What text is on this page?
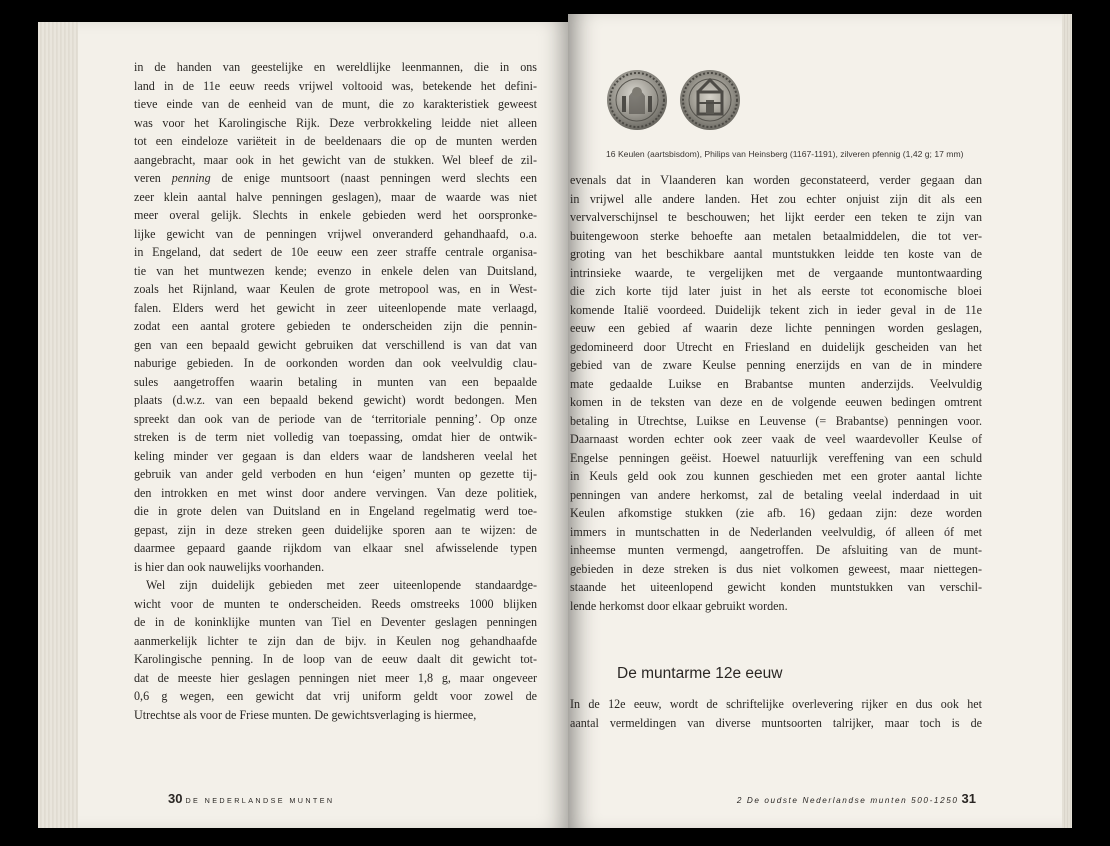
in de handen van geestelijke en wereldlijke leenmannen, die in ons
land in de 11e eeuw reeds vrijwel voltooid was, betekende het defini-
tieve einde van de eenheid van de munt, die zo karakteristiek geweest
was voor het Karolingische Rijk. Deze verbrokkeling leidde niet alleen
tot een eindeloze variëteit in de beeldenaars die op de munten werden
aangebracht, maar ook in het gewicht van de stukken. Wel bleef de zil-
veren penning de enige muntsoort (naast penningen werd slechts een
zeer klein aantal halve penningen geslagen), maar de waarde was niet
meer overal gelijk. Slechts in enkele gebieden werd het oorspronke-
lijke gewicht van de penningen vrijwel onveranderd gehandhaafd, o.a.
in Engeland, dat sedert de 10e eeuw een zeer straffe centrale organisa-
tie van het muntwezen kende; evenzo in enkele delen van Duitsland,
zoals het Rijnland, waar Keulen de grote metropool was, en in West-
falen. Elders werd het gewicht in zeer uiteenlopende mate verlaagd,
zodat een aantal grotere gebieden te onderscheiden zijn die pennin-
gen van een bepaald gewicht gebruiken dat verschillend is van dat van
naburige gebieden. In de oorkonden worden dan ook veelvuldig clau-
sules aangetroffen waarin betaling in munten van een bepaalde
plaats (d.w.z. van een bepaald bekend gewicht) wordt bedongen. Men
spreekt dan ook van de periode van de ‘territoriale penning’. Op onze
streken is de term niet volledig van toepassing, omdat hier de ontwik-
keling minder ver gegaan is dan elders waar de landsheren veelal het
gebruik van ander geld verboden en hun ‘eigen’ munten op gezette tij-
den introkken en met winst door andere vervingen. Van deze politiek,
die in grote delen van Duitsland en in Engeland regelmatig werd toe-
gepast, zijn in deze streken geen duidelijke sporen aan te wijzen: de
daarmee gepaard gaande rijkdom van elkaar snel afwisselende typen
is hier dan ook nauwelijks voorhanden.
Wel zijn duidelijk gebieden met zeer uiteenlopende standaardge-
wicht voor de munten te onderscheiden. Reeds omstreeks 1000 blijken
de in de koninklijke munten van Tiel en Deventer geslagen penningen
aanmerkelijk lichter te zijn dan de bijv. in Keulen nog gehandhaafde
Karolingische penning. In de loop van de eeuw daalt dit gewicht tot-
dat de meeste hier geslagen penningen niet meer 1,8 g, maar ongeveer
0,6 g wegen, een gewicht dat vrij uniform geldt voor zowel de
Utrechtse als voor de Friese munten. De gewichtsverlaging is hiermee,
16 Keulen (aartsbisdom), Philips van Heinsberg (1167-1191), zilveren pfennig (1,42 g; 17 mm)
evenals dat in Vlaanderen kan worden geconstateerd, verder gegaan dan
in vrijwel alle andere landen. Het zou echter onjuist zijn dit als een
vervalverschijnsel te beschouwen; het lijkt eerder een teken te zijn van
buitengewoon sterke behoefte aan metalen betaalmiddelen, die tot ver-
groting van het beschikbare aantal muntstukken leidde ten koste van de
intrinsieke waarde, te vergelijken met de vergaande muntontwaarding
die zich korte tijd later juist in het als eerste tot economische bloei
komende Italië voordeed. Duidelijk tekent zich in ieder geval in de 11e
eeuw een gebied af waarin deze lichte penningen worden geslagen,
gedomineerd door Utrecht en Friesland en duidelijk gescheiden van het
gebied van de zware Keulse penning enerzijds en van de in mindere
mate gedaalde Luikse en Brabantse munten anderzijds. Veelvuldig
komen in de teksten van deze en de volgende eeuwen bedingen omtrent
betaling in Utrechtse, Luikse en Leuvense (= Brabantse) penningen voor.
Daarnaast worden echter ook zeer vaak de veel waardevoller Keulse of
Engelse penningen geëist. Hoewel natuurlijk vereffening van een schuld
in Keuls geld ook zou kunnen geschieden met een groter aantal lichte
penningen van andere herkomst, zal de betaling veelal inderdaad in uit
Keulen afkomstige stukken (zie afb. 16) gedaan zijn: deze worden
immers in muntschatten in de Nederlanden veelvuldig, óf alleen óf met
inheemse munten vermengd, aangetroffen. De afsluiting van de munt-
gebieden in deze streken is dus niet volkomen geweest, maar niettegen-
staande het uiteenlopend gewicht konden muntstukken van verschil-
lende herkomst door elkaar gebruikt worden.
De muntarme 12e eeuw
In de 12e eeuw, wordt de schriftelijke overlevering rijker en dus ook het
aantal vermeldingen van diverse muntsoorten talrijker, maar toch is de
30 DE NEDERLANDSE MUNTEN	2 De oudste Nederlandse munten 500-1250 31
